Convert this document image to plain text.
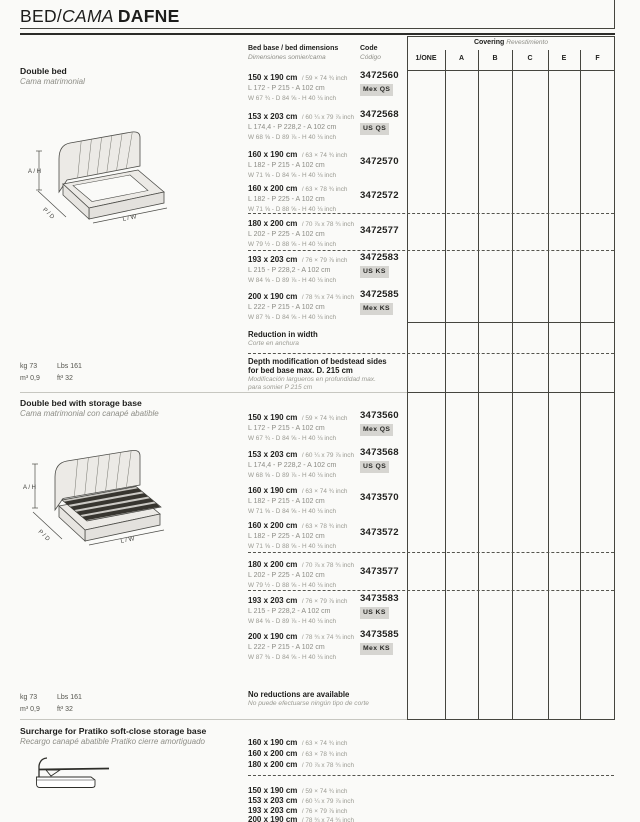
BED/CAMA DAFNE
Bed base / bed dimensions
Dimensiones somier/cama
Code
Código
Covering Revestimiento
1/ONE	A	B	C	E	F
Double bed
Cama matrimonial
A / H
P / D	L / W
150 x 190 cm / 59 × 74 ¾ inch
L 172 - P 215 - A 102 cm
W 67 ¾ - D 84 ⅝ - H 40 ⅛ inch
3472560
Mex QS
153 x 203 cm / 60 ¼ x 79 ⅞ inch
L 174,4 - P 228,2 - A 102 cm
W 68 ⅝ - D 89 ⅞ - H 40 ⅛ inch
3472568
US QS
160 x 190 cm / 63 × 74 ¾ inch
L 182 - P 215 - A 102 cm
W 71 ⅝ - D 84 ⅝ - H 40 ⅛ inch
3472570
160 x 200 cm / 63 × 78 ¾ inch
L 182 - P 225 - A 102 cm
W 71 ⅝ - D 88 ⅝ - H 40 ⅛ inch
3472572
180 x 200 cm / 70 ⅞ x 78 ¾ inch
L 202 - P 225 - A 102 cm
W 79 ½ - D 88 ⅝ - H 40 ⅛ inch
3472577
193 x 203 cm / 76 × 79 ⅞ inch
L 215 - P 228,2 - A 102 cm
W 84 ⅝ - D 89 ⅞ - H 40 ⅛ inch
3472583
US KS
200 x 190 cm / 78 ¾ x 74 ¾ inch
L 222 - P 215 - A 102 cm
W 87 ⅜ - D 84 ⅝ - H 40 ⅛ inch
3472585
Mex KS
Reduction in width
Corte en anchura
Depth modification of bedstead sides
for bed base max. D. 215 cm
Modificación largueros en profundidad max.
para somier P 215 cm
kg 73	Lbs 161
m³ 0,9 ft³ 32
Double bed with storage base
Cama matrimonial con canapé abatible
A / H
P / D	L / W
150 x 190 cm / 59 × 74 ¾ inch
L 172 - P 215 - A 102 cm
W 67 ¾ - D 84 ⅝ - H 40 ⅛ inch
3473560
Mex QS
153 x 203 cm / 60 ¼ x 79 ⅞ inch
L 174,4 - P 228,2 - A 102 cm
W 68 ⅝ - D 89 ⅞ - H 40 ⅛ inch
3473568
US QS
160 x 190 cm / 63 × 74 ¾ inch
L 182 - P 215 - A 102 cm
W 71 ⅝ - D 84 ⅝ - H 40 ⅛ inch
3473570
160 x 200 cm / 63 × 78 ¾ inch
L 182 - P 225 - A 102 cm
W 71 ⅝ - D 88 ⅝ - H 40 ⅛ inch
3473572
180 x 200 cm / 70 ⅞ x 78 ¾ inch
L 202 - P 225 - A 102 cm
W 79 ½ - D 88 ⅝ - H 40 ⅛ inch
3473577
193 x 203 cm / 76 × 79 ⅞ inch
L 215 - P 228,2 - A 102 cm
W 84 ⅝ - D 89 ⅞ - H 40 ⅛ inch
3473583
US KS
200 x 190 cm / 78 ¾ x 74 ¾ inch
L 222 - P 215 - A 102 cm
W 87 ⅜ - D 84 ⅝ - H 40 ⅛ inch
3473585
Mex KS
No reductions are available
No puede efectuarse ningún tipo de corte
kg 73	Lbs 161
m³ 0,9 ft³ 32
Surcharge for Pratiko soft-close storage base
Recargo canapé abatible Pratiko cierre amortiguado	160 x 190 cm / 63 × 74 ¾ inch
160 x 200 cm / 63 × 78 ¾ inch
180 x 200 cm / 70 ⅞ x 78 ¾ inch
150 x 190 cm / 59 × 74 ¾ inch
153 x 203 cm / 60 ¼ x 79 ⅞ inch
193 x 203 cm / 76 × 79 ⅞ inch
200 x 190 cm / 78 ¾ x 74 ¾ inch
